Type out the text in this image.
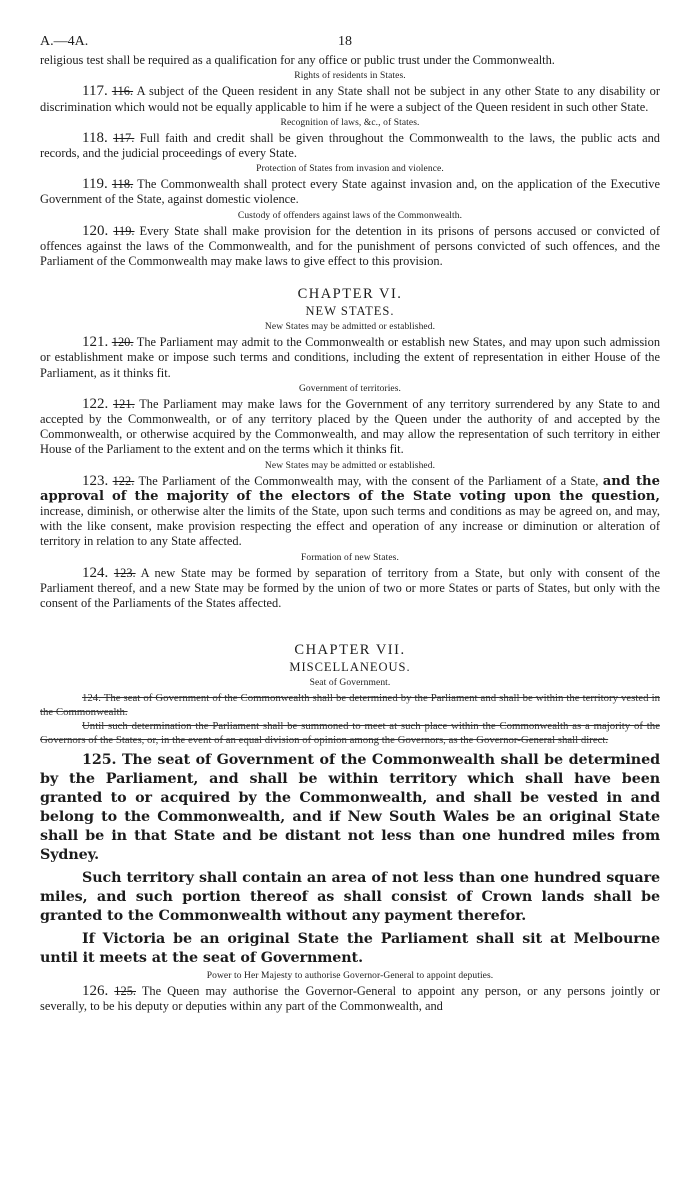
A.—4A.	18

religious test shall be required as a qualification for any office or public trust under the Commonwealth.

Rights of residents in States.

117. 116. A subject of the Queen resident in any State shall not be subject in any other State to any disability or discrimination which would not be equally applicable to him if he were a subject of the Queen resident in such other State.

Recognition of laws, &c., of States.

118. 117. Full faith and credit shall be given throughout the Commonwealth to the laws, the public acts and records, and the judicial proceedings of every State.

Protection of States from invasion and violence.

119. 118. The Commonwealth shall protect every State against invasion and, on the application of the Executive Government of the State, against domestic violence.

Custody of offenders against laws of the Commonwealth.

120. 119. Every State shall make provision for the detention in its prisons of persons accused or convicted of offences against the laws of the Commonwealth, and for the punishment of persons convicted of such offences, and the Parliament of the Commonwealth may make laws to give effect to this provision.

CHAPTER VI.
NEW STATES.
New States may be admitted or established.

121. 120. The Parliament may admit to the Commonwealth or establish new States, and may upon such admission or establishment make or impose such terms and conditions, including the extent of representation in either House of the Parliament, as it thinks fit.

Government of territories.

122. 121. The Parliament may make laws for the Government of any territory surrendered by any State to and accepted by the Commonwealth, or of any territory placed by the Queen under the authority of and accepted by the Commonwealth, or otherwise acquired by the Commonwealth, and may allow the representation of such territory in either House of the Parliament to the extent and on the terms which it thinks fit.

New States may be admitted or established.

123. 122. The Parliament of the Commonwealth may, with the consent of the Parliament of a State, and the approval of the majority of the electors of the State voting upon the question, increase, diminish, or otherwise alter the limits of the State, upon such terms and conditions as may be agreed on, and may, with the like consent, make provision respecting the effect and operation of any increase or diminution or alteration of territory in relation to any State affected.

Formation of new States.

124. 123. A new State may be formed by separation of territory from a State, but only with consent of the Parliament thereof, and a new State may be formed by the union of two or more States or parts of States, but only with the consent of the Parliaments of the States affected.

CHAPTER VII.
MISCELLANEOUS.
Seat of Government.

124. The seat of Government of the Commonwealth shall be determined by the Parliament and shall be within the territory vested in the Commonwealth.

Until such determination the Parliament shall be summoned to meet at such place within the Commonwealth as a majority of the Governors of the States, or, in the event of an equal division of opinion among the Governors, as the Governor-General shall direct.

125. The seat of Government of the Commonwealth shall be determined by the Parliament, and shall be within territory which shall have been granted to or acquired by the Commonwealth, and shall be vested in and belong to the Commonwealth, and if New South Wales be an original State shall be in that State and be distant not less than one hundred miles from Sydney.

Such territory shall contain an area of not less than one hundred square miles, and such portion thereof as shall consist of Crown lands shall be granted to the Commonwealth without any payment therefor.

If Victoria be an original State the Parliament shall sit at Melbourne until it meets at the seat of Government.

Power to Her Majesty to authorise Governor-General to appoint deputies.

126. 125. The Queen may authorise the Governor-General to appoint any person, or any persons jointly or severally, to be his deputy or deputies within any part of the Commonwealth, and
